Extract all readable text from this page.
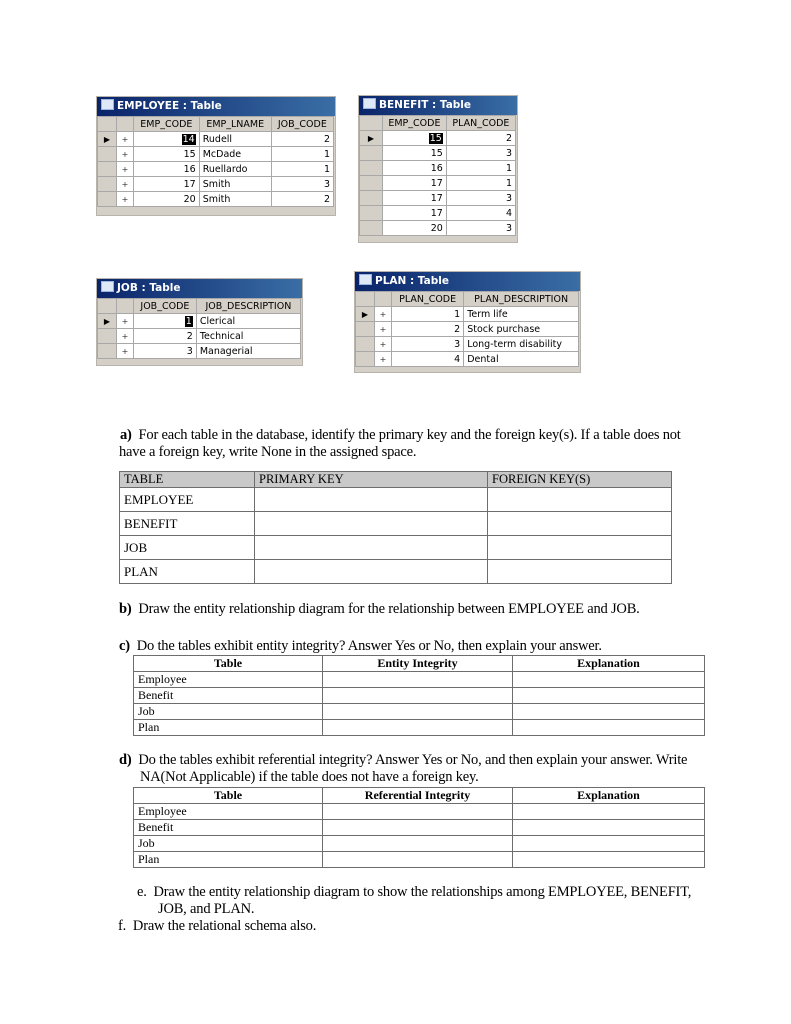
EMPLOYEE : Table
		EMP_CODE	EMP_LNAME	JOB_CODE
▶	+	14	Rudell	2
	+	15	McDade	1
	+	16	Ruellardo	1
	+	17	Smith	3
	+	20	Smith	2
BENEFIT : Table
	EMP_CODE	PLAN_CODE
▶	15	2
	15	3
	16	1
	17	1
	17	3
	17	4
	20	3
JOB : Table
		JOB_CODE	JOB_DESCRIPTION
▶	+	1	Clerical
	+	2	Technical
	+	3	Managerial
PLAN : Table
		PLAN_CODE	PLAN_DESCRIPTION
▶	+	1	Term life
	+	2	Stock purchase
	+	3	Long-term disability
	+	4	Dental
a) For each table in the database, identify the primary key and the foreign key(s). If a table does not have a foreign key, write None in the assigned space.
TABLE	PRIMARY KEY	FOREIGN KEY(S)
EMPLOYEE		
BENEFIT		
JOB		
PLAN		
b) Draw the entity relationship diagram for the relationship between EMPLOYEE and JOB.
c) Do the tables exhibit entity integrity? Answer Yes or No, then explain your answer.
Table	Entity Integrity	Explanation
Employee		
Benefit		
Job		
Plan		
d) Do the tables exhibit referential integrity? Answer Yes or No, and then explain your answer. Write NA(Not Applicable) if the table does not have a foreign key.
Table	Referential Integrity	Explanation
Employee		
Benefit		
Job		
Plan		
e. Draw the entity relationship diagram to show the relationships among EMPLOYEE, BENEFIT, JOB, and PLAN.
f. Draw the relational schema also.
